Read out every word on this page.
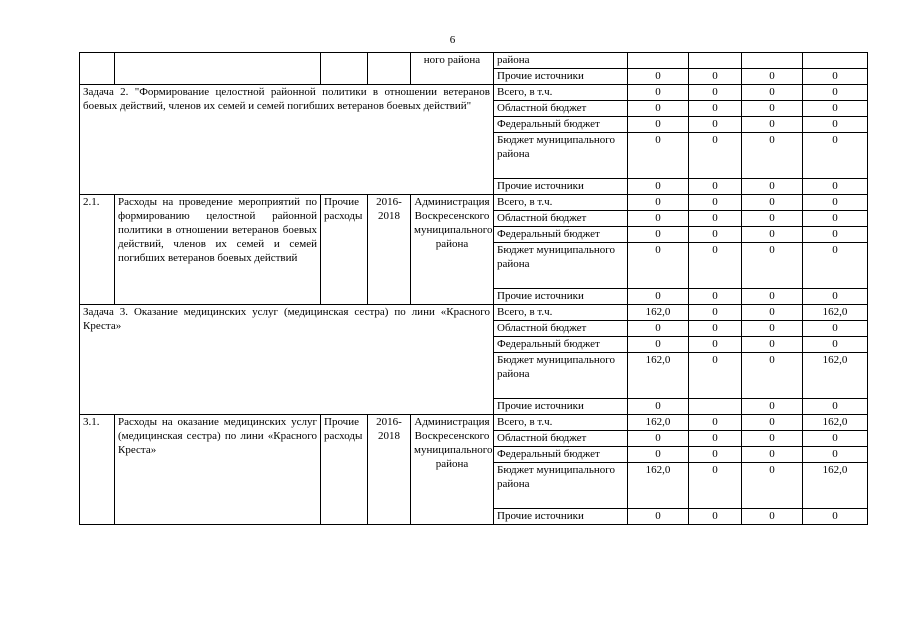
6
				ного района	района				
					Прочие источники	0	0	0	0
Задача 2. "Формирование целостной районной политики в отношении ветеранов боевых действий, членов их семей и семей погибших ветеранов боевых действий"					Всего, в т.ч.	0	0	0	0
					Областной бюджет	0	0	0	0
					Федеральный бюджет	0	0	0	0
					Бюджет муниципального района	0	0	0	0
					Прочие источники	0	0	0	0
2.1.	Расходы на проведение мероприятий по формированию целостной районной политики в отношении ветеранов боевых действий, членов их семей и семей погибших ветеранов боевых действий	Прочие расходы	2016-2018	Администрация Воскресенского муниципального района	Всего, в т.ч.	0	0	0	0
					Областной бюджет	0	0	0	0
					Федеральный бюджет	0	0	0	0
					Бюджет муниципального района	0	0	0	0
					Прочие источники	0	0	0	0
Задача 3. Оказание медицинских услуг (медицинская сестра) по лини «Красного Креста»					Всего, в т.ч.	162,0	0	0	162,0
					Областной бюджет	0	0	0	0
					Федеральный бюджет	0	0	0	0
					Бюджет муниципального района	162,0	0	0	162,0
					Прочие источники	0		0	0
3.1.	Расходы на оказание медицинских услуг (медицинская сестра) по лини «Красного Креста»	Прочие расходы	2016-2018	Администрация Воскресенского муниципального района	Всего, в т.ч.	162,0	0	0	162,0
					Областной бюджет	0	0	0	0
					Федеральный бюджет	0	0	0	0
					Бюджет муниципального района	162,0	0	0	162,0
					Прочие источники	0	0	0	0
